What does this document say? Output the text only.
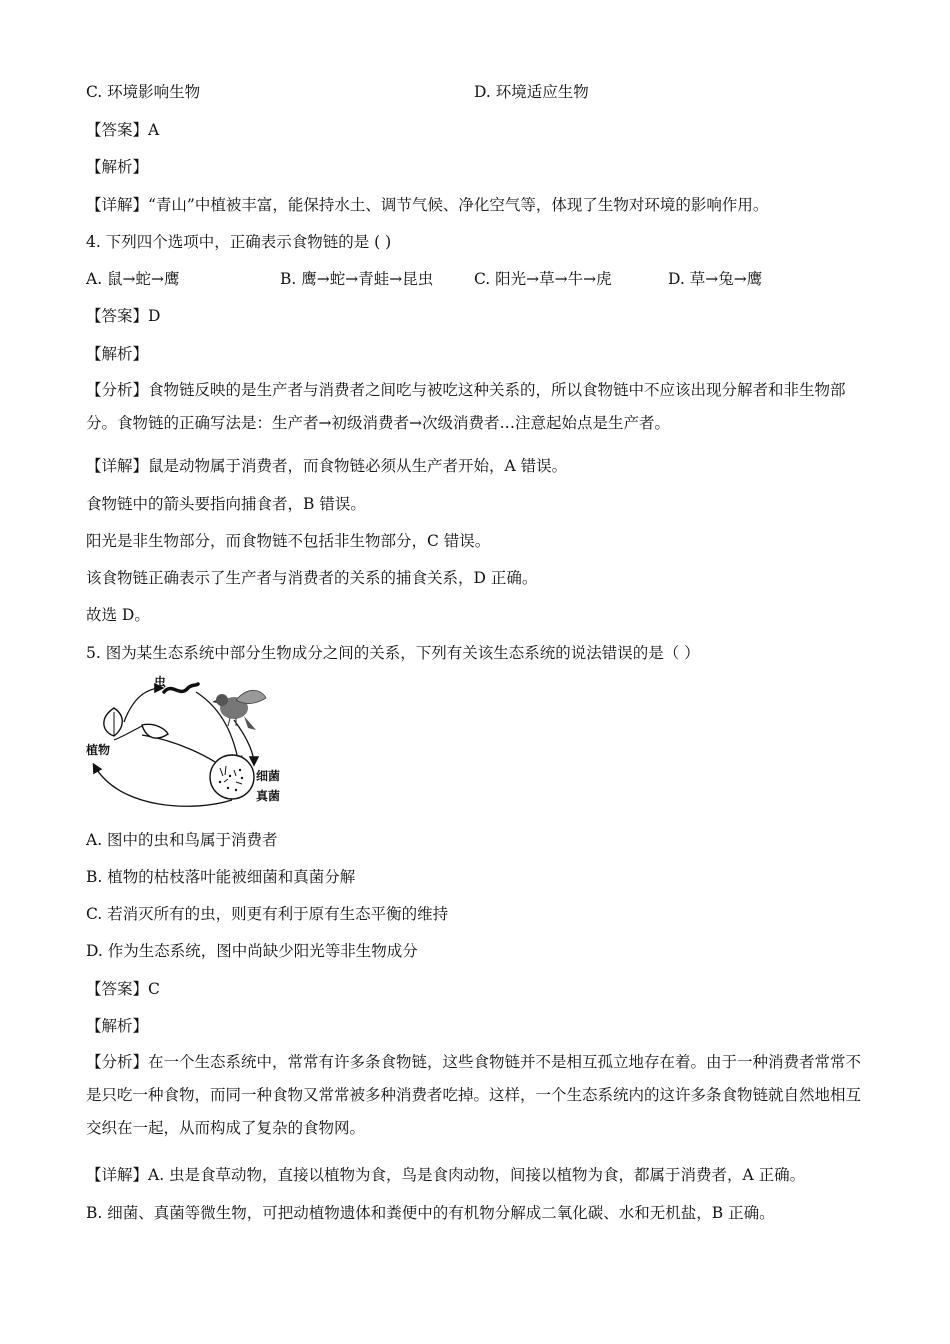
C. 环境影响生物	D. 环境适应生物
【答案】A
【解析】
【详解】“青山”中植被丰富，能保持水土、调节气候、净化空气等，体现了生物对环境的影响作用。
4. 下列四个选项中，正确表示食物链的是 ( )
A. 鼠→蛇→鹰	B. 鹰→蛇→青蛙→昆虫	C. 阳光→草→牛→虎	D. 草→兔→鹰
【答案】D
【解析】
【分析】食物链反映的是生产者与消费者之间吃与被吃这种关系的，所以食物链中不应该出现分解者和非生物部分。食物链的正确写法是：生产者→初级消费者→次级消费者…注意起始点是生产者。
【详解】鼠是动物属于消费者，而食物链必须从生产者开始，A 错误。
食物链中的箭头要指向捕食者，B 错误。
阳光是非生物部分，而食物链不包括非生物部分，C 错误。
该食物链正确表示了生产者与消费者的关系的捕食关系，D 正确。
故选 D。
5. 图为某生态系统中部分生物成分之间的关系，下列有关该生态系统的说法错误的是（ ）
虫
植物
细菌
真菌
A. 图中的虫和鸟属于消费者
B. 植物的枯枝落叶能被细菌和真菌分解
C. 若消灭所有的虫，则更有利于原有生态平衡的维持
D. 作为生态系统，图中尚缺少阳光等非生物成分
【答案】C
【解析】
【分析】在一个生态系统中，常常有许多条食物链，这些食物链并不是相互孤立地存在着。由于一种消费者常常不是只吃一种食物，而同一种食物又常常被多种消费者吃掉。这样，一个生态系统内的这许多条食物链就自然地相互交织在一起，从而构成了复杂的食物网。
【详解】A. 虫是食草动物，直接以植物为食，鸟是食肉动物，间接以植物为食，都属于消费者，A 正确。
B. 细菌、真菌等微生物，可把动植物遗体和粪便中的有机物分解成二氧化碳、水和无机盐，B 正确。
